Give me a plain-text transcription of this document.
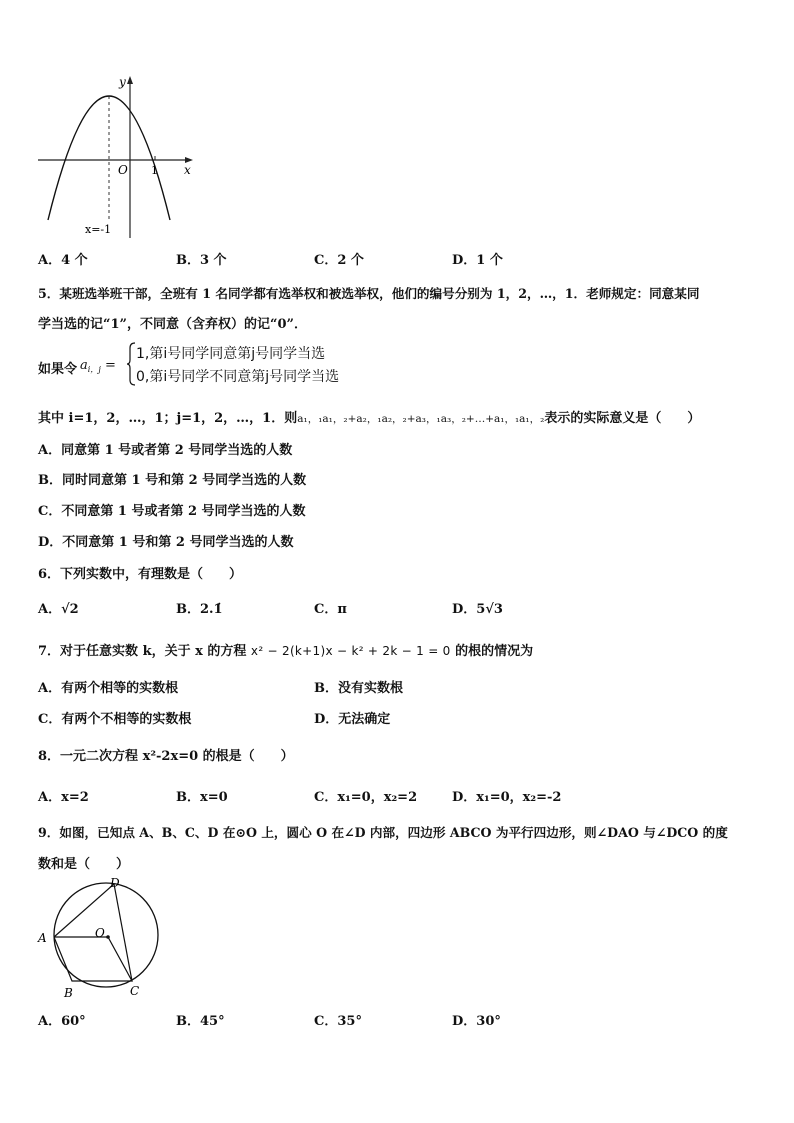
y
x
O 1
x=-1
A．4 个	B．3 个	C．2 个	D．1 个
5．某班选举班干部，全班有 1 名同学都有选举权和被选举权，他们的编号分别为 1，2，…，1．老师规定：同意某同
学当选的记“1”，不同意（含弃权）的记“0”．
如果令 $a_{i,j}$ =
1,第i号同学同意第j号同学当选
0,第i号同学不同意第j号同学当选
其中 i=1，2，…，1；j=1，2，…，1．则a₁，₁a₁，₂+a₂，₁a₂，₂+a₃，₁a₃，₂+…+a₁，₁a₁，₂表示的实际意义是（　　）
A．同意第 1 号或者第 2 号同学当选的人数
B．同时同意第 1 号和第 2 号同学当选的人数
C．不同意第 1 号或者第 2 号同学当选的人数
D．不同意第 1 号和第 2 号同学当选的人数
6．下列实数中，有理数是（　　）
A．√2	B．2.1̇	C．π	D．5√3
7．对于任意实数 k，关于 x 的方程 x² − 2(k+1)x − k² + 2k − 1 = 0 的根的情况为
A．有两个相等的实数根	B．没有实数根
C．有两个不相等的实数根	D．无法确定
8．一元二次方程 x²-2x=0 的根是（　　）
A．x=2	B．x=0	C．x₁=0，x₂=2	D．x₁=0，x₂=-2
9．如图，已知点 A、B、C、D 在⊙O 上，圆心 O 在∠D 内部，四边形 ABCO 为平行四边形，则∠DAO 与∠DCO 的度
数和是（　　）
A
B	C
D
O
A．60°	B．45°	C．35°	D．30°
